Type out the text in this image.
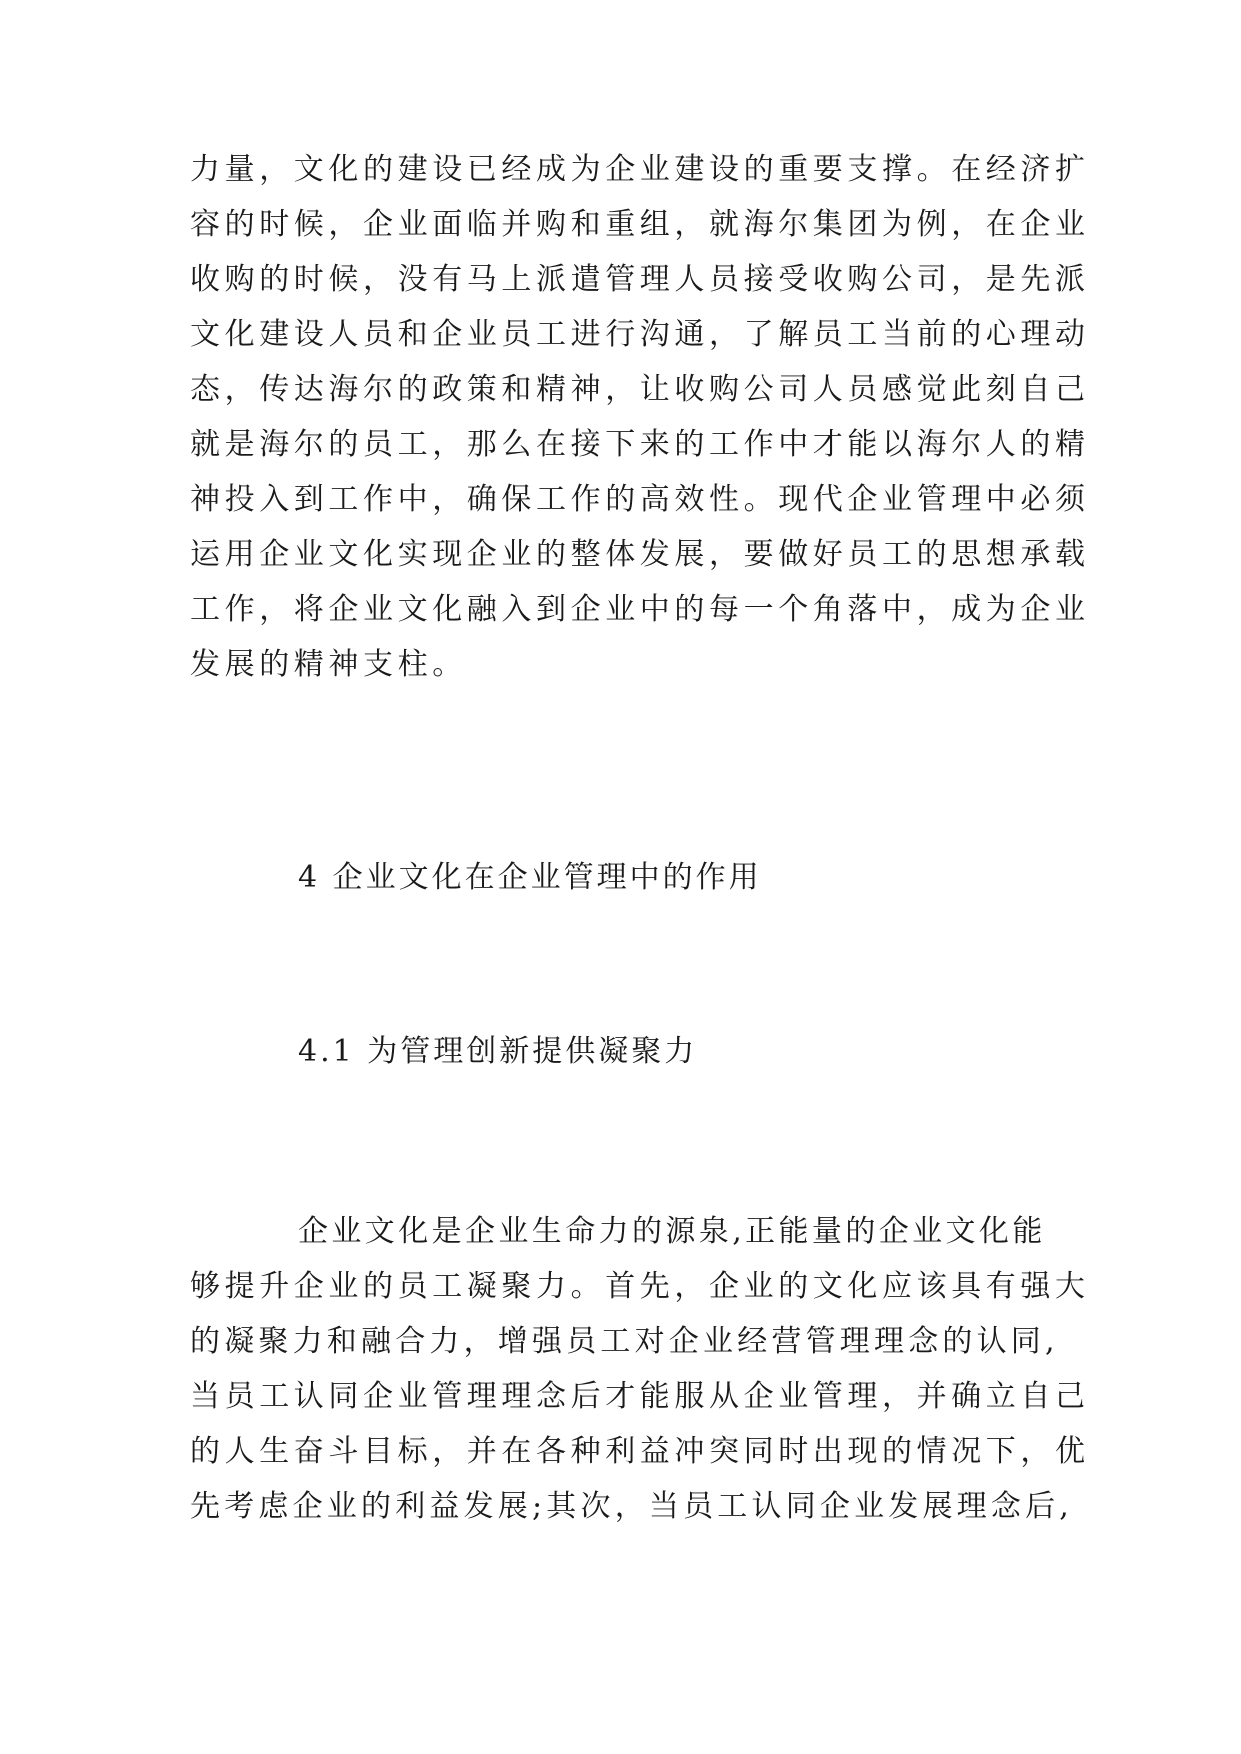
力量，文化的建设已经成为企业建设的重要支撑。在经济扩
容的时候，企业面临并购和重组，就海尔集团为例，在企业
收购的时候，没有马上派遣管理人员接受收购公司，是先派
文化建设人员和企业员工进行沟通，了解员工当前的心理动
态，传达海尔的政策和精神，让收购公司人员感觉此刻自己
就是海尔的员工，那么在接下来的工作中才能以海尔人的精
神投入到工作中，确保工作的高效性。现代企业管理中必须
运用企业文化实现企业的整体发展，要做好员工的思想承载
工作，将企业文化融入到企业中的每一个角落中，成为企业
发展的精神支柱。
4 企业文化在企业管理中的作用
4.1 为管理创新提供凝聚力
企业文化是企业生命力的源泉,正能量的企业文化能
够提升企业的员工凝聚力。首先，企业的文化应该具有强大
的凝聚力和融合力，增强员工对企业经营管理理念的认同,
当员工认同企业管理理念后才能服从企业管理，并确立自己
的人生奋斗目标，并在各种利益冲突同时出现的情况下，优
先考虑企业的利益发展;其次，当员工认同企业发展理念后,
